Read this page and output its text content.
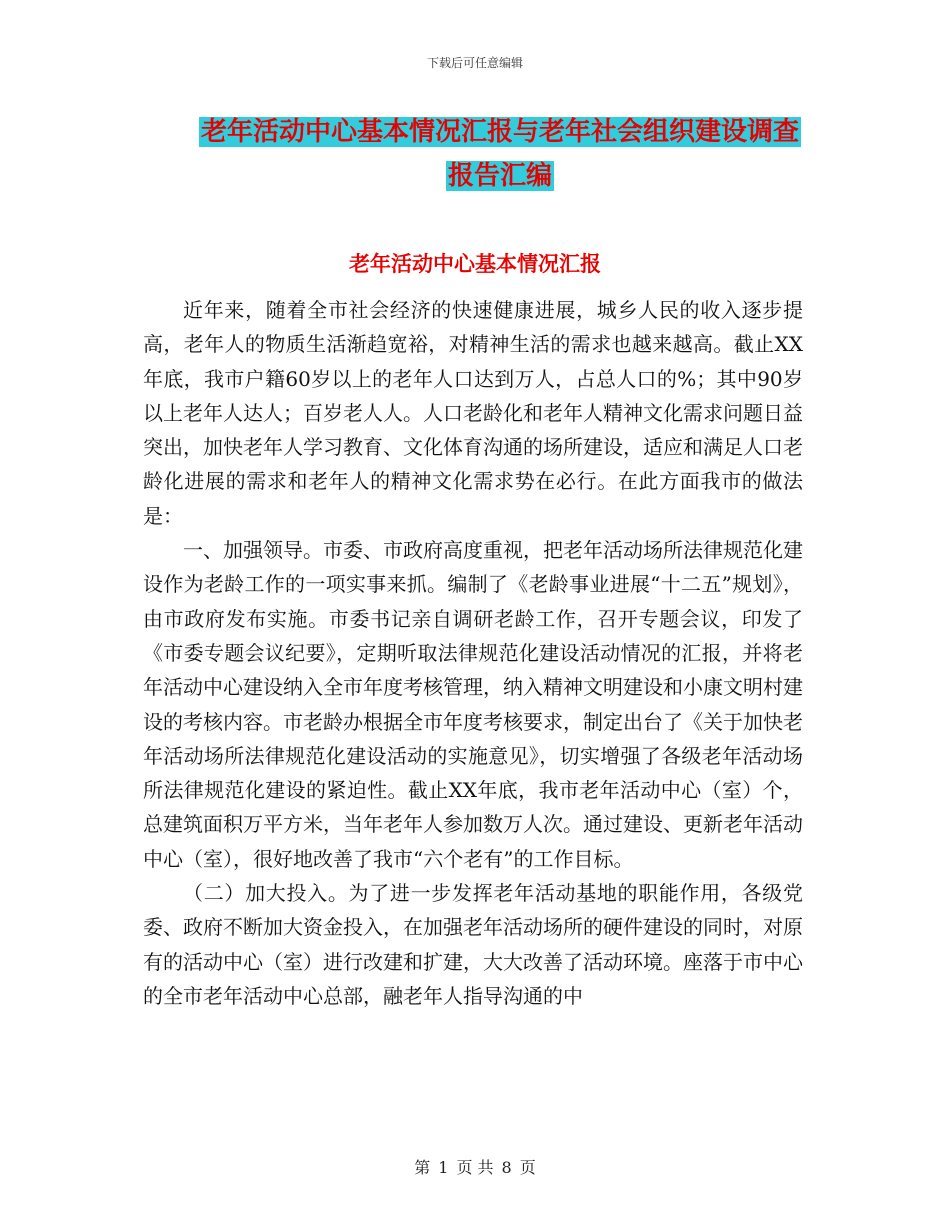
下载后可任意编辑
老年活动中心基本情况汇报与老年社会组织建设调查
报告汇编
老年活动中心基本情况汇报

近年来，随着全市社会经济的快速健康进展，城乡人民的收入逐步提高，老年人的物质生活渐趋宽裕，对精神生活的需求也越来越高。截止XX年底，我市户籍60岁以上的老年人口达到万人，占总人口的%；其中90岁以上老年人达人；百岁老人人。人口老龄化和老年人精神文化需求问题日益突出，加快老年人学习教育、文化体育沟通的场所建设，适应和满足人口老龄化进展的需求和老年人的精神文化需求势在必行。在此方面我市的做法是：

一、加强领导。市委、市政府高度重视，把老年活动场所法律规范化建设作为老龄工作的一项实事来抓。编制了《老龄事业进展“十二五”规划》，由市政府发布实施。市委书记亲自调研老龄工作，召开专题会议，印发了《市委专题会议纪要》，定期听取法律规范化建设活动情况的汇报，并将老年活动中心建设纳入全市年度考核管理，纳入精神文明建设和小康文明村建设的考核内容。市老龄办根据全市年度考核要求，制定出台了《关于加快老年活动场所法律规范化建设活动的实施意见》，切实增强了各级老年活动场所法律规范化建设的紧迫性。截止XX年底，我市老年活动中心（室）个，总建筑面积万平方米，当年老年人参加数万人次。通过建设、更新老年活动中心（室），很好地改善了我市“六个老有”的工作目标。

（二）加大投入。为了进一步发挥老年活动基地的职能作用，各级党委、政府不断加大资金投入，在加强老年活动场所的硬件建设的同时，对原有的活动中心（室）进行改建和扩建，大大改善了活动环境。座落于市中心的全市老年活动中心总部，融老年人指导沟通的中

第 1 页 共 8 页
